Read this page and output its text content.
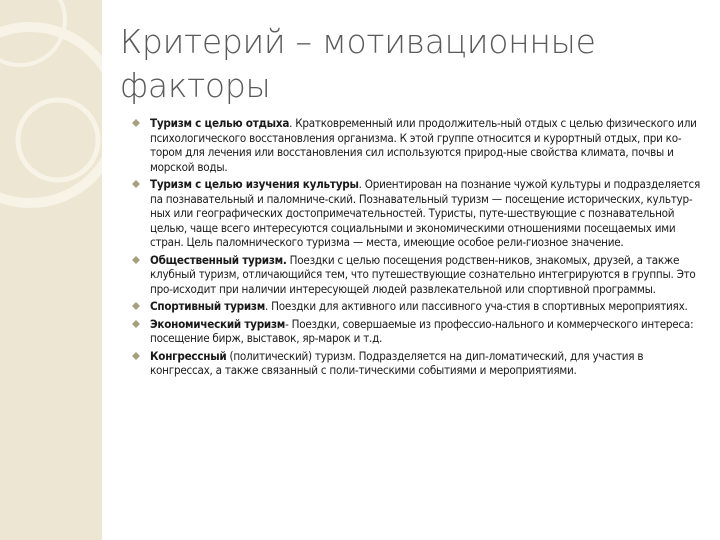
Критерий – мотивационные
факторы
Туризм с целью отдыха. Кратковременный или продолжитель-ный отдых с целью физического или психологического восстановления организма. К этой группе относится и курортный отдых, при ко-тором для лечения или восстановления сил используются природ-ные свойства климата, почвы и морской воды.
Туризм с целью изучения культуры. Ориентирован на познание чужой культуры и подразделяется па познавательный и паломниче-ский. Познавательный туризм — посещение исторических, культур-ных или географических достопримечательностей. Туристы, путе-шествующие с познавательной целью, чаще всего интересуются социальными и экономическими отношениями посещаемых ими стран. Цель паломнического туризма — места, имеющие особое рели-гиозное значение.
Общественный туризм. Поездки с целью посещения родствен-ников, знакомых, друзей, а также клубный туризм, отличающийся тем, что путешествующие сознательно интегрируются в группы. Это про-исходит при наличии интересующей людей развлекательной или спортивной программы.
Спортивный туризм. Поездки для активного или пассивного уча-стия в спортивных мероприятиях.
Экономический туризм- Поездки, совершаемые из профессио-нального и коммерческого интереса: посещение бирж, выставок, яр-марок и т.д.
Конгрессный (политический) туризм. Подразделяется на дип-ломатический, для участия в конгрессах, а также связанный с поли-тическими событиями и мероприятиями.
